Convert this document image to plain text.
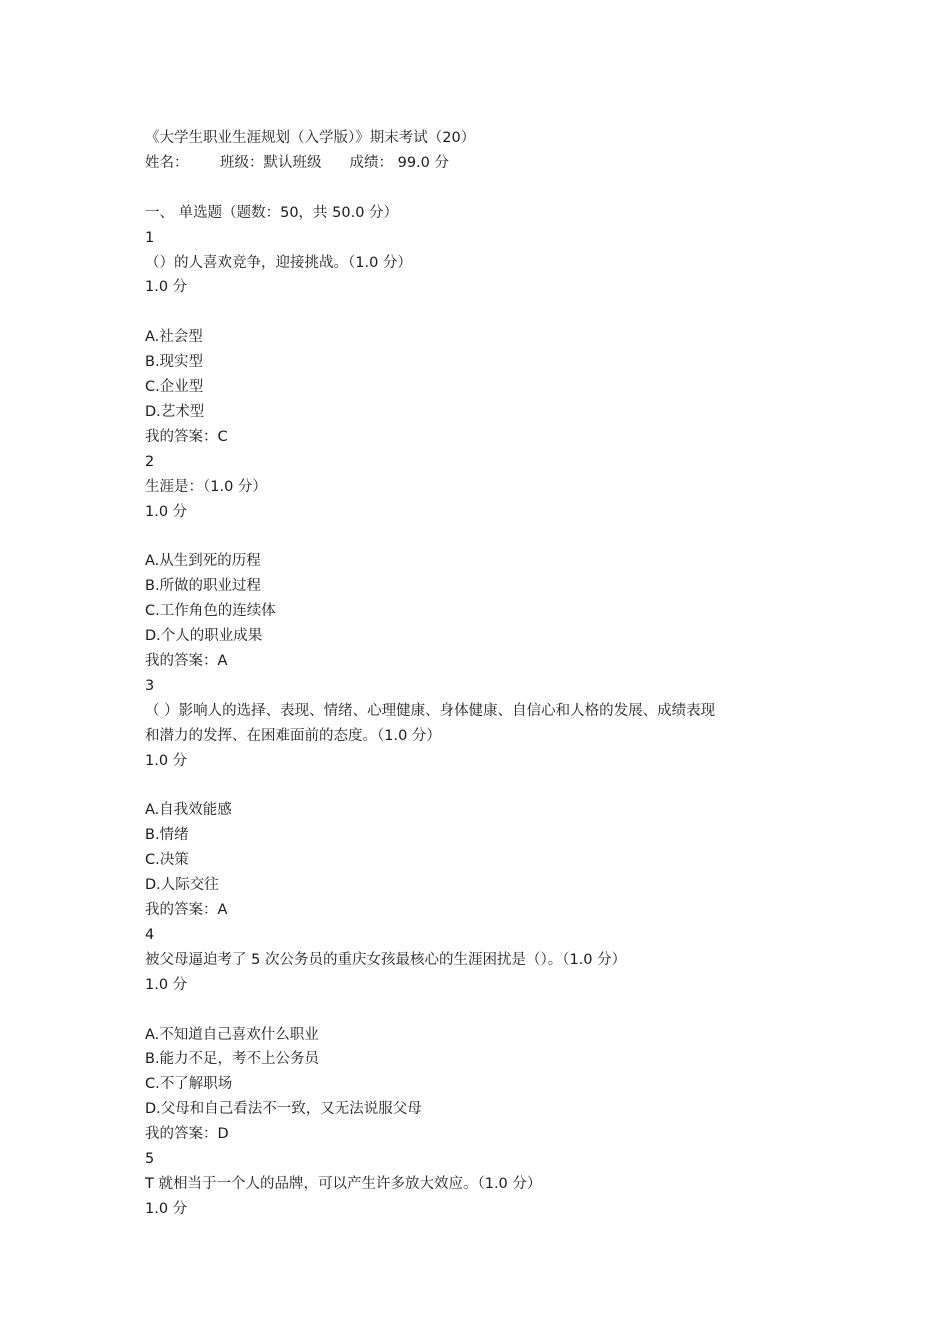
《大学生职业生涯规划（入学版）》期末考试（20）
姓名： 班级：默认班级 成绩： 99.0 分
一、 单选题（题数：50，共 50.0 分）
1
（）的人喜欢竞争，迎接挑战。（1.0 分）
1.0 分
A.社会型
B.现实型
C.企业型
D.艺术型
我的答案：C
2
生涯是：（1.0 分）
1.0 分
A.从生到死的历程
B.所做的职业过程
C.工作角色的连续体
D.个人的职业成果
我的答案：A
3
（ ）影响人的选择、表现、情绪、心理健康、身体健康、自信心和人格的发展、成绩表现
和潜力的发挥、在困难面前的态度。（1.0 分）
1.0 分
A.自我效能感
B.情绪
C.决策
D.人际交往
我的答案：A
4
被父母逼迫考了 5 次公务员的重庆女孩最核心的生涯困扰是（）。（1.0 分）
1.0 分
A.不知道自己喜欢什么职业
B.能力不足，考不上公务员
C.不了解职场
D.父母和自己看法不一致，又无法说服父母
我的答案：D
5
T 就相当于一个人的品牌，可以产生许多放大效应。（1.0 分）
1.0 分
